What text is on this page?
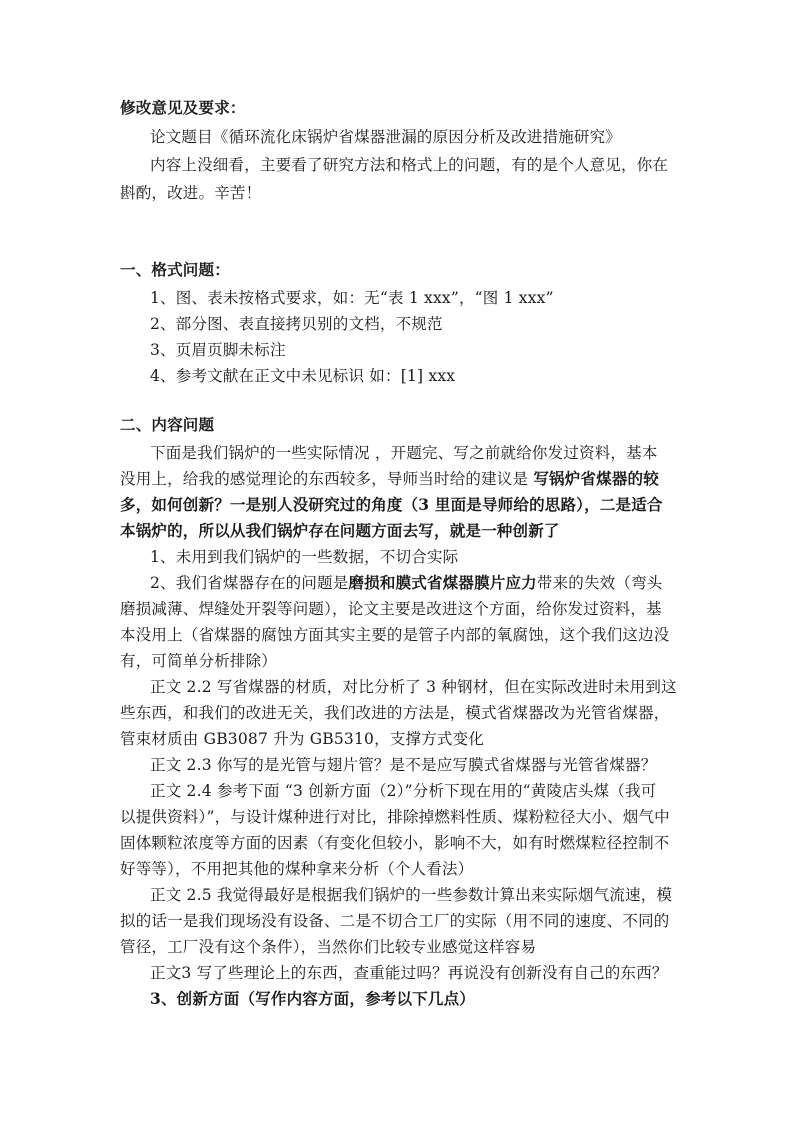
修改意见及要求：
论文题目《循环流化床锅炉省煤器泄漏的原因分析及改进措施研究》
内容上没细看，主要看了研究方法和格式上的问题，有的是个人意见，你在
斟酌，改进。辛苦！
一、格式问题：
1、图、表未按格式要求，如：无“表 1 xxx”，“图 1 xxx”
2、部分图、表直接拷贝别的文档，不规范
3、页眉页脚未标注
4、参考文献在正文中未见标识 如：[1] xxx
二、内容问题
下面是我们锅炉的一些实际情况 ，开题完、写之前就给你发过资料，基本
没用上，给我的感觉理论的东西较多，导师当时给的建议是 写锅炉省煤器的较
多，如何创新？一是别人没研究过的角度（3 里面是导师给的思路），二是适合
本锅炉的，所以从我们锅炉存在问题方面去写，就是一种创新了
1、未用到我们锅炉的一些数据，不切合实际
2、我们省煤器存在的问题是磨损和膜式省煤器膜片应力带来的失效（弯头
磨损减薄、焊缝处开裂等问题），论文主要是改进这个方面，给你发过资料，基
本没用上（省煤器的腐蚀方面其实主要的是管子内部的氧腐蚀，这个我们这边没
有，可简单分析排除）
正文 2.2 写省煤器的材质，对比分析了 3 种钢材，但在实际改进时未用到这
些东西，和我们的改进无关，我们改进的方法是，模式省煤器改为光管省煤器，
管束材质由 GB3087 升为 GB5310，支撑方式变化
正文 2.3 你写的是光管与翅片管？是不是应写膜式省煤器与光管省煤器？
正文 2.4 参考下面 “3 创新方面（2）”分析下现在用的“黄陵店头煤（我可
以提供资料）”，与设计煤种进行对比，排除掉燃料性质、煤粉粒径大小、烟气中
固体颗粒浓度等方面的因素（有变化但较小，影响不大，如有时燃煤粒径控制不
好等等），不用把其他的煤种拿来分析（个人看法）
正文 2.5 我觉得最好是根据我们锅炉的一些参数计算出来实际烟气流速，模
拟的话一是我们现场没有设备、二是不切合工厂的实际（用不同的速度、不同的
管径，工厂没有这个条件），当然你们比较专业感觉这样容易
正文3 写了些理论上的东西，查重能过吗？再说没有创新没有自己的东西？
3、创新方面（写作内容方面，参考以下几点）
